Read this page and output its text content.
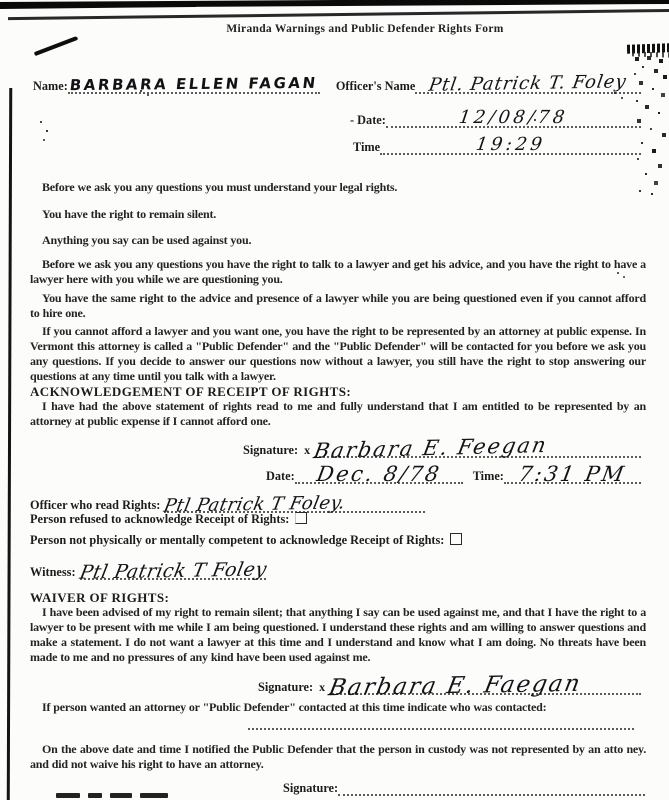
Miranda Warnings and Public Defender Rights Form
Name: BARBARA ELLEN FAGAN Officer's Name Ptl. Patrick T. Foley
- Date:	12/08/78
Time	19:29
Before we ask you any questions you must understand your legal rights.
You have the right to remain silent.
Anything you say can be used against you.
Before we ask you any questions you have the right to talk to a lawyer and get his advice, and you have the right to have a lawyer here with you while we are questioning you.
You have the same right to the advice and presence of a lawyer while you are being questioned even if you cannot afford to hire one.
If you cannot afford a lawyer and you want one, you have the right to be represented by an attorney at public expense. In Vermont this attorney is called a "Public Defender" and the "Public Defender" will be contacted for you before we ask you any questions. If you decide to answer our questions now without a lawyer, you still have the right to stop answering our questions at any time until you talk with a lawyer.
ACKNOWLEDGEMENT OF RECEIPT OF RIGHTS:
I have had the above statement of rights read to me and fully understand that I am entitled to be represented by an attorney at public expense if I cannot afford one.
Signature: x Barbara E. Feegan
Date: Dec. 8/78 Time: 7:31 PM
Officer who read Rights: Ptl Patrick T Foley.
Person refused to acknowledge Receipt of Rights:
Person not physically or mentally competent to acknowledge Receipt of Rights:
Witness: Ptl Patrick T Foley
WAIVER OF RIGHTS:
I have been advised of my right to remain silent; that anything I say can be used against me, and that I have the right to a lawyer to be present with me while I am being questioned. I understand these rights and am willing to answer questions and make a statement. I do not want a lawyer at this time and I understand and know what I am doing. No threats have been made to me and no pressures of any kind have been used against me.
Signature: x Barbara E. Faegan
If person wanted an attorney or "Public Defender" contacted at this time indicate who was contacted:
On the above date and time I notified the Public Defender that the person in custody was not represented by an atto ney. and did not waive his right to have an attorney.
Signature:
